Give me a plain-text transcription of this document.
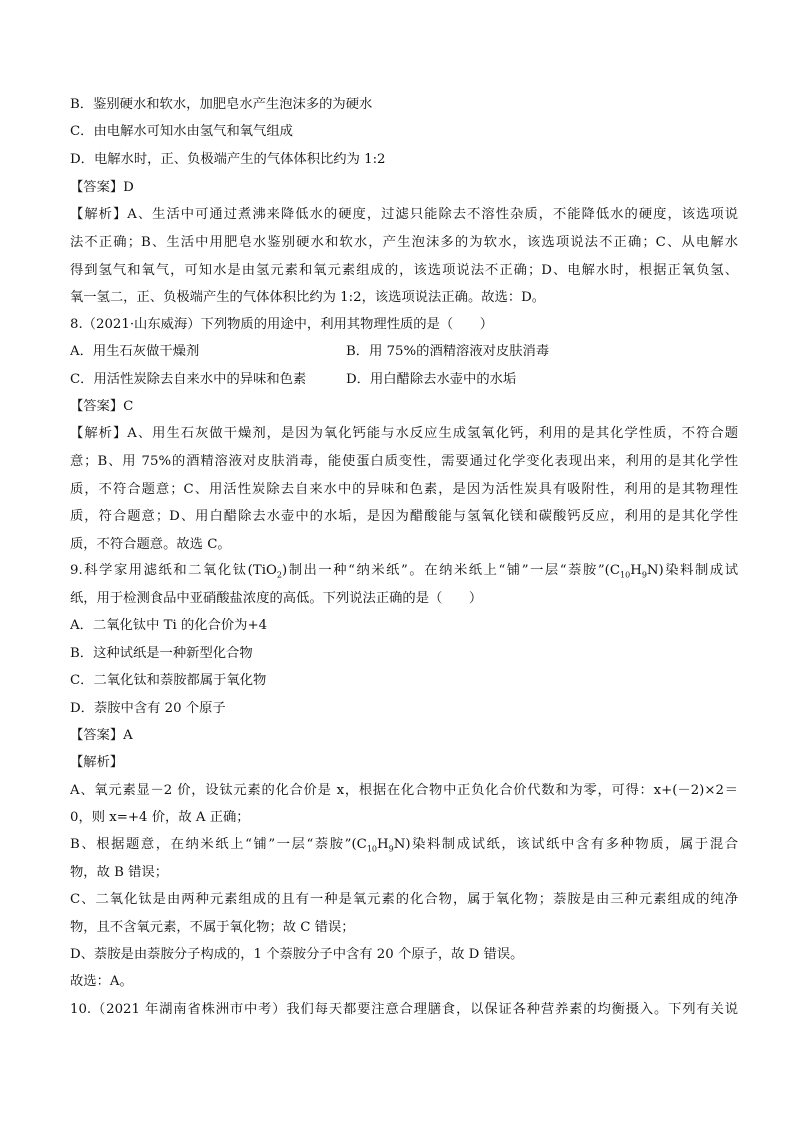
B．鉴别硬水和软水，加肥皂水产生泡沫多的为硬水
C．由电解水可知水由氢气和氧气组成
D．电解水时，正、负极端产生的气体体积比约为 1:2
【答案】D
【解析】A、生活中可通过煮沸来降低水的硬度，过滤只能除去不溶性杂质，不能降低水的硬度，该选项说
法不正确；B、生活中用肥皂水鉴别硬水和软水，产生泡沫多的为软水，该选项说法不正确；C、从电解水
得到氢气和氧气，可知水是由氢元素和氧元素组成的，该选项说法不正确；D、电解水时，根据正氧负氢、
氧一氢二，正、负极端产生的气体体积比约为 1:2，该选项说法正确。故选：D。
8.（2021·山东威海）下列物质的用途中，利用其物理性质的是（　　）
A．用生石灰做干燥剂	B．用 75%的酒精溶液对皮肤消毒
C．用活性炭除去自来水中的异味和色素	D．用白醋除去水壶中的水垢
【答案】C
【解析】A、用生石灰做干燥剂，是因为氧化钙能与水反应生成氢氧化钙，利用的是其化学性质，不符合题
意；B、用 75%的酒精溶液对皮肤消毒，能使蛋白质变性，需要通过化学变化表现出来，利用的是其化学性
质，不符合题意；C、用活性炭除去自来水中的异味和色素，是因为活性炭具有吸附性，利用的是其物理性
质，符合题意；D、用白醋除去水壶中的水垢，是因为醋酸能与氢氧化镁和碳酸钙反应，利用的是其化学性
质，不符合题意。故选 C。
9.科学家用滤纸和二氧化钛(TiO$_2$)制出一种“纳米纸”。在纳米纸上“铺”一层“萘胺$”(C_{10}H_9N)$染料制成试
纸，用于检测食品中亚硝酸盐浓度的高低。下列说法正确的是（　　）
A．二氧化钛中 Ti 的化合价为+4
B．这种试纸是一种新型化合物
C．二氧化钛和萘胺都属于氧化物
D．萘胺中含有 20 个原子
【答案】A
【解析】
A、氧元素显－2 价，设钛元素的化合价是 x，根据在化合物中正负化合价代数和为零，可得：x+(－2)×2＝
0，则 x=+4 价，故 A 正确；
B、根据题意，在纳米纸上“铺”一层“萘胺$”(C_{10}H_9N)$染料制成试纸，该试纸中含有多种物质，属于混合
物，故 B 错误；
C、二氧化钛是由两种元素组成的且有一种是氧元素的化合物，属于氧化物；萘胺是由三种元素组成的纯净
物，且不含氧元素，不属于氧化物；故 C 错误；
D、萘胺是由萘胺分子构成的，1 个萘胺分子中含有 20 个原子，故 D 错误。
故选：A。
10.（2021 年湖南省株洲市中考）我们每天都要注意合理膳食，以保证各种营养素的均衡摄入。下列有关说
